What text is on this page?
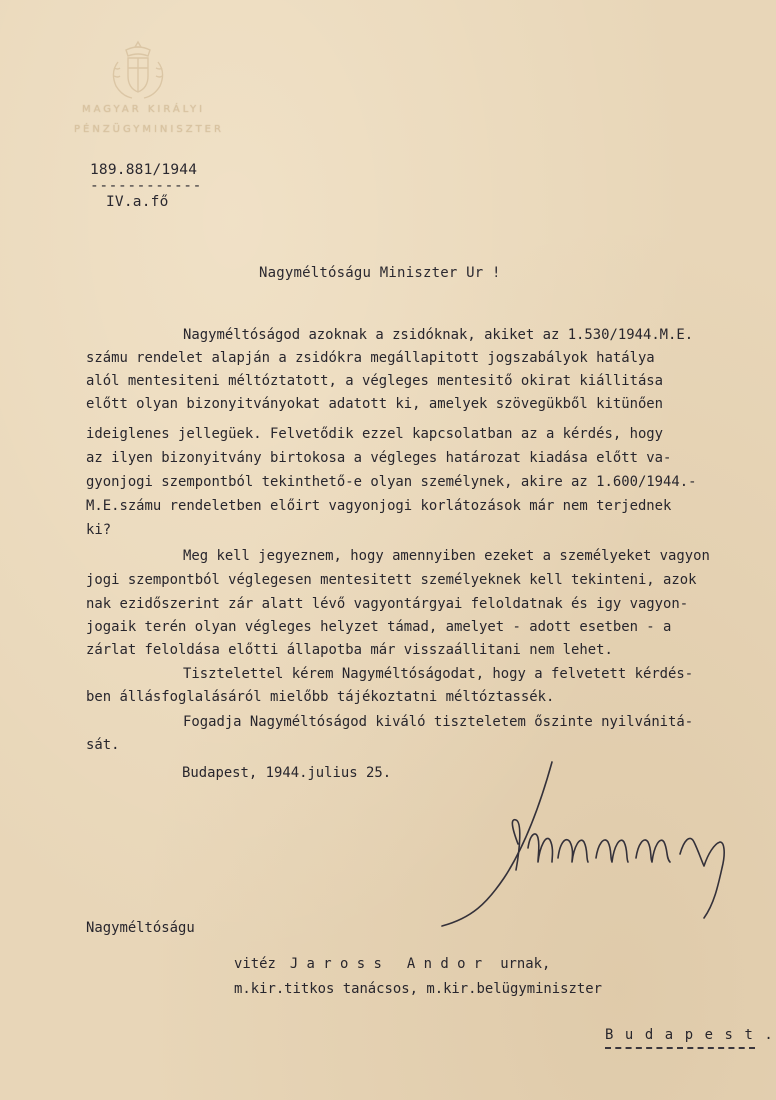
MAGYAR KIRÁLYI
PÉNZÜGYMINISZTER
189.881/1944
------------
IV.a.fő
Nagyméltóságu Miniszter Ur !
Nagyméltóságod azoknak a zsidóknak, akiket az 1.530/1944.M.E.
számu rendelet alapján a zsidókra megállapitott jogszabályok hatálya
alól mentesiteni méltóztatott, a végleges mentesitő okirat kiállitása
előtt olyan bizonyitványokat adatott ki, amelyek szövegükből kitünően
ideiglenes jellegüek. Felvetődik ezzel kapcsolatban az a kérdés, hogy
az ilyen bizonyitvány birtokosa a végleges határozat kiadása előtt va-
gyonjogi szempontból tekinthető-e olyan személynek, akire az 1.600/1944.-
M.E.számu rendeletben előirt vagyonjogi korlátozások már nem terjednek
ki?
Meg kell jegyeznem, hogy amennyiben ezeket a személyeket vagyon
jogi szempontból véglegesen mentesitett személyeknek kell tekinteni, azok
nak ezidőszerint zár alatt lévő vagyontárgyai feloldatnak és igy vagyon-
jogaik terén olyan végleges helyzet támad, amelyet - adott esetben - a
zárlat feloldása előtti állapotba már visszaállitani nem lehet.
Tisztelettel kérem Nagyméltóságodat, hogy a felvetett kérdés-
ben állásfoglalásáról mielőbb tájékoztatni méltóztassék.
Fogadja Nagyméltóságod kiváló tiszteletem őszinte nyilvánitá-
sát.
Budapest, 1944.julius 25.
Nagyméltóságu
vitéz J a r o s s   A n d o r urnak,
m.kir.titkos tanácsos, m.kir.belügyminiszter
B u d a p e s t .
